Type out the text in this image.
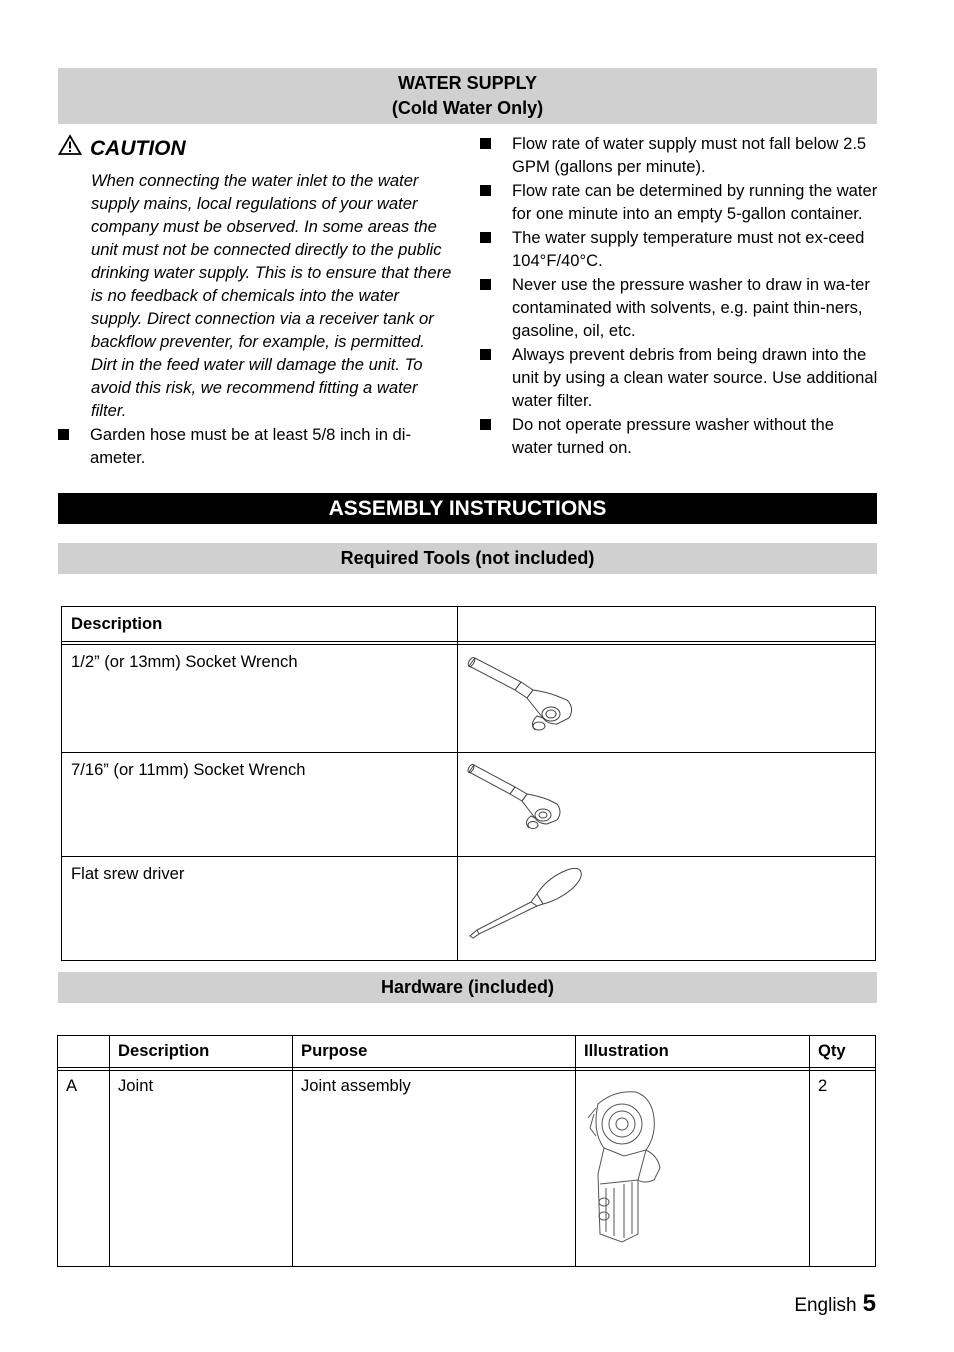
WATER SUPPLY
(Cold Water Only)
CAUTION

When connecting the water inlet to the water supply mains, local regulations of your water company must be observed. In some areas the unit must not be connected directly to the public drinking water supply. This is to ensure that there is no feedback of chemicals into the water supply. Direct connection via a receiver tank or backflow preventer, for example, is permitted.

Dirt in the feed water will damage the unit. To avoid this risk, we recommend fitting a water filter.

Garden hose must be at least 5/8 inch in di-ameter.
Flow rate of water supply must not fall below 2.5 GPM (gallons per minute).
Flow rate can be determined by running the water for one minute into an empty 5-gallon container.
The water supply temperature must not ex-ceed 104°F/40°C.
Never use the pressure washer to draw in wa-ter contaminated with solvents, e.g. paint thin-ners, gasoline, oil, etc.
Always prevent debris from being drawn into the unit by using a clean water source. Use additional water filter.
Do not operate pressure washer without the water turned on.
ASSEMBLY INSTRUCTIONS
Required Tools (not included)
Description	

1/2” (or 13mm) Socket Wrench	
7/16” (or 11mm) Socket Wrench	
Flat srew driver	
Hardware (included)
	Description	Purpose	Illustration	Qty

A	Joint	Joint assembly		2
English 5
